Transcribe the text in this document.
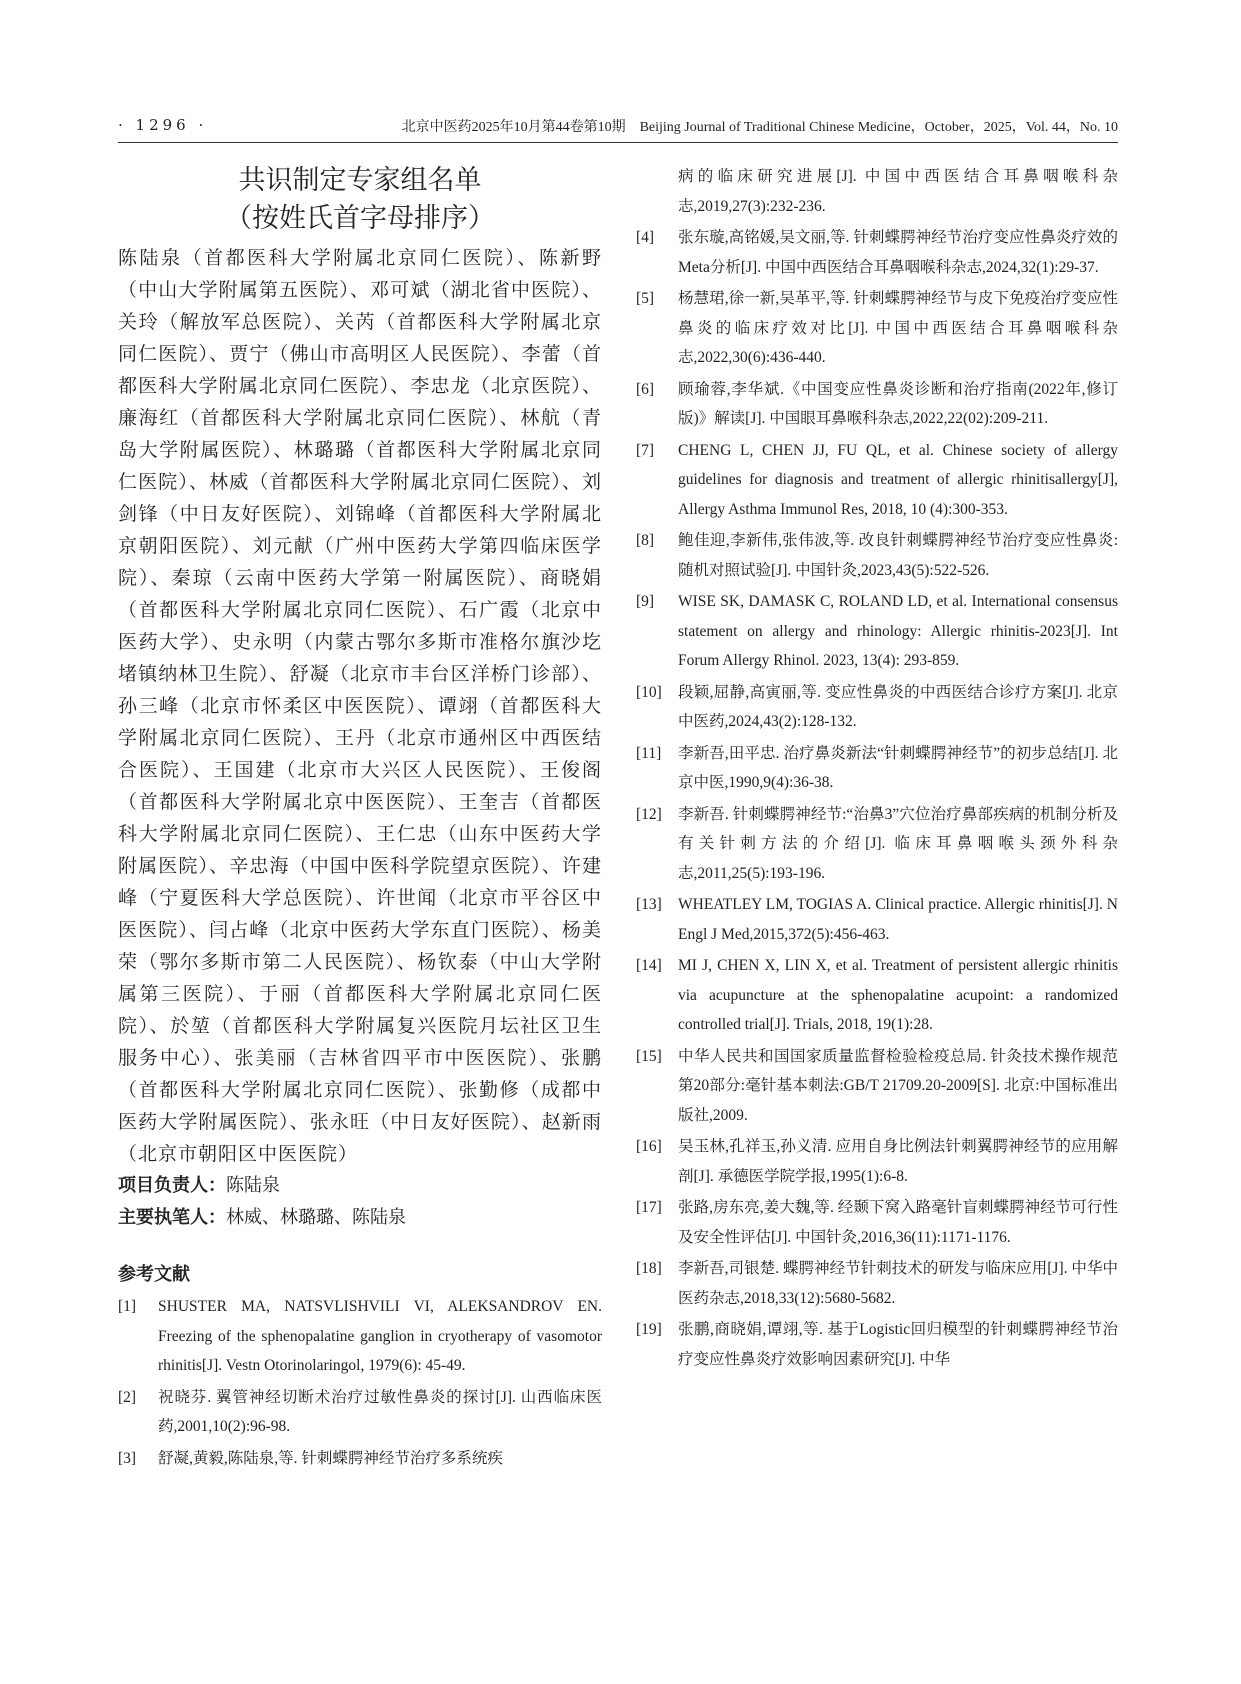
· 1296 ·	北京中医药2025年10月第44卷第10期　Beijing Journal of Traditional Chinese Medicine，October，2025，Vol. 44，No. 10
共识制定专家组名单
（按姓氏首字母排序）

陈陆泉（首都医科大学附属北京同仁医院）、陈新野（中山大学附属第五医院）、邓可斌（湖北省中医院）、关玲（解放军总医院）、关芮（首都医科大学附属北京同仁医院）、贾宁（佛山市高明区人民医院）、李蕾（首都医科大学附属北京同仁医院）、李忠龙（北京医院）、廉海红（首都医科大学附属北京同仁医院）、林航（青岛大学附属医院）、林璐璐（首都医科大学附属北京同仁医院）、林威（首都医科大学附属北京同仁医院）、刘剑锋（中日友好医院）、刘锦峰（首都医科大学附属北京朝阳医院）、刘元献（广州中医药大学第四临床医学院）、秦琼（云南中医药大学第一附属医院）、商晓娟（首都医科大学附属北京同仁医院）、石广霞（北京中医药大学）、史永明（内蒙古鄂尔多斯市准格尔旗沙圪堵镇纳林卫生院）、舒凝（北京市丰台区洋桥门诊部）、孙三峰（北京市怀柔区中医医院）、谭翊（首都医科大学附属北京同仁医院）、王丹（北京市通州区中西医结合医院）、王国建（北京市大兴区人民医院）、王俊阁（首都医科大学附属北京中医医院）、王奎吉（首都医科大学附属北京同仁医院）、王仁忠（山东中医药大学附属医院）、辛忠海（中国中医科学院望京医院）、许建峰（宁夏医科大学总医院）、许世闻（北京市平谷区中医医院）、闫占峰（北京中医药大学东直门医院）、杨美荣（鄂尔多斯市第二人民医院）、杨钦泰（中山大学附属第三医院）、于丽（首都医科大学附属北京同仁医院）、於堃（首都医科大学附属复兴医院月坛社区卫生服务中心）、张美丽（吉林省四平市中医医院）、张鹏（首都医科大学附属北京同仁医院）、张勤修（成都中医药大学附属医院）、张永旺（中日友好医院）、赵新雨（北京市朝阳区中医医院）

项目负责人：陈陆泉

主要执笔人：林威、林璐璐、陈陆泉

参考文献
[1] SHUSTER MA, NATSVLISHVILI VI, ALEKSANDROV EN. Freezing of the sphenopalatine ganglion in cryotherapy of vasomotor rhinitis[J]. Vestn Otorinolaringol, 1979(6): 45-49.
[2] 祝晓芬. 翼管神经切断术治疗过敏性鼻炎的探讨[J]. 山西临床医药,2001,10(2):96-98.
[3] 舒凝,黄毅,陈陆泉,等. 针刺蝶腭神经节治疗多系统疾
病的临床研究进展[J]. 中国中西医结合耳鼻咽喉科杂志,2019,27(3):232-236.
[4] 张东璇,高铭媛,吴文丽,等. 针刺蝶腭神经节治疗变应性鼻炎疗效的Meta分析[J]. 中国中西医结合耳鼻咽喉科杂志,2024,32(1):29-37.
[5] 杨慧珺,徐一新,吴革平,等. 针刺蝶腭神经节与皮下免疫治疗变应性鼻炎的临床疗效对比[J]. 中国中西医结合耳鼻咽喉科杂志,2022,30(6):436-440.
[6] 顾瑜蓉,李华斌.《中国变应性鼻炎诊断和治疗指南(2022年,修订版)》解读[J]. 中国眼耳鼻喉科杂志,2022,22(02):209-211.
[7] CHENG L, CHEN JJ, FU QL, et al. Chinese society of allergy guidelines for diagnosis and treatment of allergic rhinitisallergy[J], Allergy Asthma Immunol Res, 2018, 10 (4):300-353.
[8] 鲍佳迎,李新伟,张伟波,等. 改良针刺蝶腭神经节治疗变应性鼻炎:随机对照试验[J]. 中国针灸,2023,43(5):522-526.
[9] WISE SK, DAMASK C, ROLAND LD, et al. International consensus statement on allergy and rhinology: Allergic rhinitis-2023[J]. Int Forum Allergy Rhinol. 2023, 13(4): 293-859.
[10] 段颖,屈静,高寅丽,等. 变应性鼻炎的中西医结合诊疗方案[J]. 北京中医药,2024,43(2):128-132.
[11] 李新吾,田平忠. 治疗鼻炎新法“针刺蝶腭神经节”的初步总结[J]. 北京中医,1990,9(4):36-38.
[12] 李新吾. 针刺蝶腭神经节:“治鼻3”穴位治疗鼻部疾病的机制分析及有关针刺方法的介绍[J]. 临床耳鼻咽喉头颈外科杂志,2011,25(5):193-196.
[13] WHEATLEY LM, TOGIAS A. Clinical practice. Allergic rhinitis[J]. N Engl J Med,2015,372(5):456-463.
[14] MI J, CHEN X, LIN X, et al. Treatment of persistent allergic rhinitis via acupuncture at the sphenopalatine acupoint: a randomized controlled trial[J]. Trials, 2018, 19(1):28.
[15] 中华人民共和国国家质量监督检验检疫总局. 针灸技术操作规范 第20部分:毫针基本刺法:GB/T 21709.20-2009[S]. 北京:中国标准出版社,2009.
[16] 吴玉林,孔祥玉,孙义清. 应用自身比例法针刺翼腭神经节的应用解剖[J]. 承德医学院学报,1995(1):6-8.
[17] 张路,房东亮,姜大魏,等. 经颞下窝入路毫针盲刺蝶腭神经节可行性及安全性评估[J]. 中国针灸,2016,36(11):1171-1176.
[18] 李新吾,司银楚. 蝶腭神经节针刺技术的研发与临床应用[J]. 中华中医药杂志,2018,33(12):5680-5682.
[19] 张鹏,商晓娟,谭翊,等. 基于Logistic回归模型的针刺蝶腭神经节治疗变应性鼻炎疗效影响因素研究[J]. 中华
